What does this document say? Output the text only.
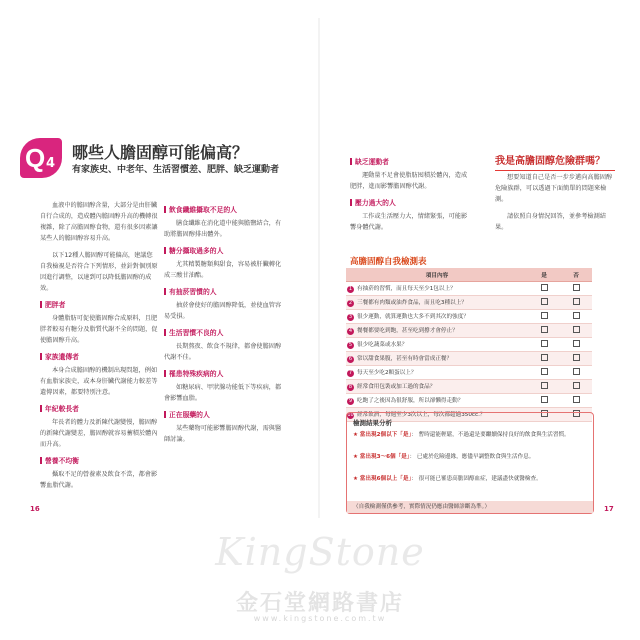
Q 4
哪些人膽固醇可能偏高？
有家族史、中老年、生活習慣差、肥胖、缺乏運動者

血液中的膽固醇含量，大部分是由肝臟自行合成的，造成體內膽固醇升高的機轉很複雜，除了高膽固醇食物，還有很多因素讓某些人的膽固醇容易升高。

以下12種人膽固醇可能偏高，建議您自我檢視是否符合下列情形，並針對個別原因進行調整，以達到可以降低膽固醇的成效。

肥胖者

身體脂肪可促使膽固醇合成原料，且肥胖者較易有糖分及脂質代謝不全的問題，促使膽固醇升高。

家族遺傳者

本身合成膽固醇的機制出現問題，例如有血脂家族史，或本身肝臟代謝能力較差等遺傳因素，都要特別注意。

年紀較長者

年長者的體力及新陳代謝變慢，膽固醇的新陳代謝變差，膽固醇就容易蓄積於體內而升高。

營養不均衡

攝取不足的營養素及飲食不當，都會影響血脂代謝。

飲食纖維攝取不足的人

膳食纖維在消化道中能與膽鹽結合，有助將膽固醇排出體外。

糖分攝取過多的人

尤其精製糖類與甜食，容易被肝臟轉化成三酸甘油酯。

有抽菸習慣的人

抽菸會使好的膽固醇降低，並使血管容易受損。

生活習慣不良的人

長期熬夜、飲食不規律，都會使膽固醇代謝不佳。

罹患特殊疾病的人

如糖尿病、甲狀腺功能低下等疾病，都會影響血脂。

正在服藥的人

某些藥物可能影響膽固醇代謝，需與醫師討論。

16
缺乏運動者

運動量不足會使脂肪囤積於體內，造成肥胖，進而影響膽固醇代謝。

壓力過大的人

工作或生活壓力大，情緒緊張，可能影響身體代謝。

我是高膽固醇危險群嗎？

想要知道自己是否一步步邁向高膽固醇危險族群，可以透過下面簡單的問題來檢測。

請依照自身情況回答，並參考檢測結果。

高膽固醇自我檢測表
項目內容	是	否
1 有抽菸的習慣，而且每天至少1包以上？		
2 三餐都有肉類或油炸食品，而且吃3種以上？		
3 很少運動，就算運動也大多不到其次的強度？		
4 餐餐都要吃到飽，甚至吃到撐才會停止？		
5 很少吃蔬菜或水果？		
6 常以甜食果腹，甚至有時會當成正餐？		
7 每天至少吃2顆蛋以上？		
8 經常食用包裝或加工過的食品？		
9 吃飽了之後因為很舒服，所以卻懶得走動？		
10 經常飲酒，每週至少3次以上，每次都超過350cc.？		
檢測結果分析
★ 當出現2個以下「是」： 暫時還能輕鬆，不過還是要繼續保持良好的飲食與生活習慣。
★ 當出現3～6個「是」： 已處於危險邊緣，應儘早調整飲食與生活作息。
★ 當出現6個以上「是」： 很可能已罹患高膽固醇血症，建議盡快就醫檢查。
（自我檢測僅供參考，實際情況仍應由醫師診斷為準。）	17
KingStone
金石堂網路書店
www.kingstone.com.tw
